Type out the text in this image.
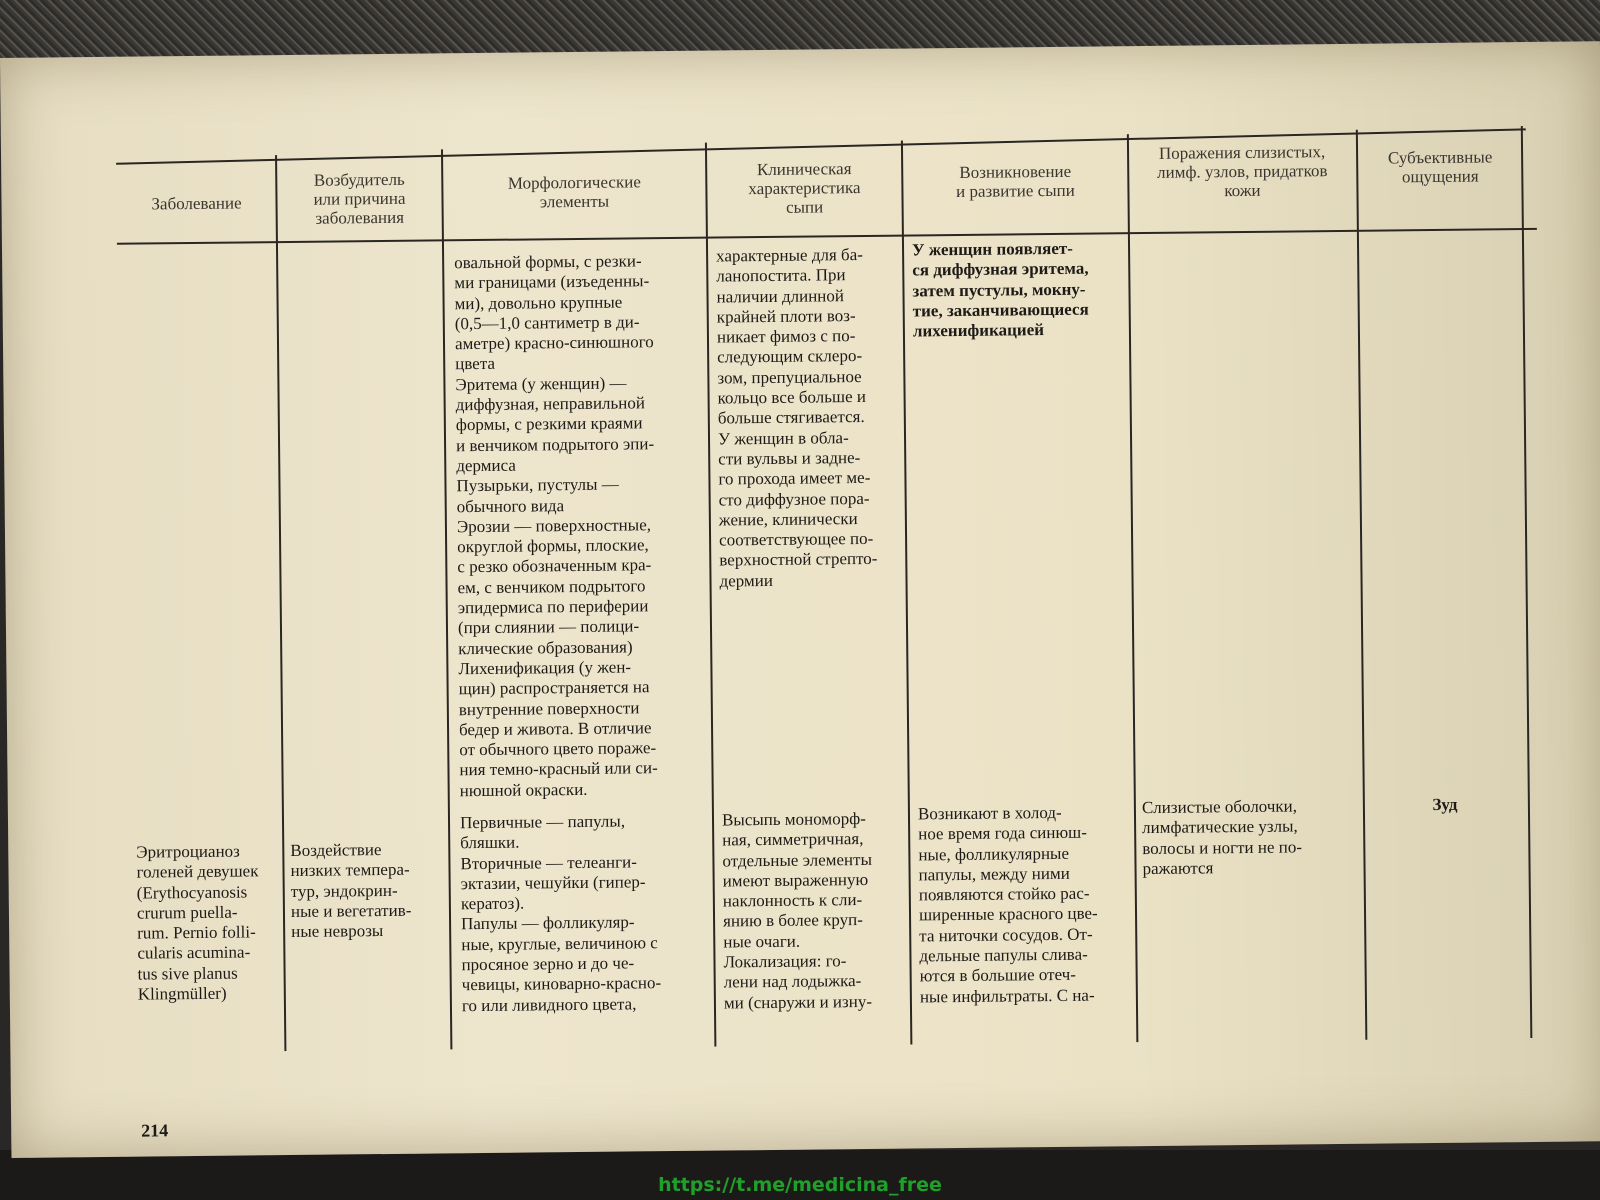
Заболевание
Возбудитель
или причина
заболевания
Морфологические
элементы
Клиническая
характеристика
сыпи
Возникновение
и развитие сыпи
Поражения слизистых,
лимф. узлов, придатков
кожи
Субъективные
ощущения

овальной формы, с резки-
ми границами (изъеденны-
ми), довольно крупные
(0,5—1,0 сантиметр в ди-
аметре) красно-синюшного
цвета
Эритема (у женщин) —
диффузная, неправильной
формы, с резкими краями
и венчиком подрытого эпи-
дермиса
Пузырьки, пустулы —
обычного вида
Эрозии — поверхностные,
округлой формы, плоские,
с резко обозначенным кра-
ем, с венчиком подрытого
эпидермиса по периферии
(при слиянии — полици-
клические образования)
Лихенификация (у жен-
щин) распространяется на
внутренние поверхности
бедер и живота. В отличие
от обычного цвето пораже-
ния темно-красный или си-
нюшной окраски.

характерные для ба-
ланопостита. При
наличии длинной
крайней плоти воз-
никает фимоз с по-
следующим склеро-
зом, препуциальное
кольцо все больше и
больше стягивается.
У женщин в обла-
сти вульвы и задне-
го прохода имеет ме-
сто диффузное пора-
жение, клинически
соответствующее по-
верхностной стрепто-
дермии

У женщин появляет-
ся диффузная эритема,
затем пустулы, мокну-
тие, заканчивающиеся
лихенификацией

Эритроцианоз
голеней девушек
(Erythocyanosis
crurum puella-
rum. Pernio folli-
cularis acumina-
tus sive planus
Klingmüller)

Воздействие
низких темпера-
тур, эндокрин-
ные и вегетатив-
ные неврозы

Первичные — папулы,
бляшки.
Вторичные — телеанги-
эктазии, чешуйки (гипер-
кератоз).
Папулы — фолликуляр-
ные, круглые, величиною с
просяное зерно и до че-
чевицы, киноварно-красно-
го или ливидного цвета,

Высыпь мономорф-
ная, симметричная,
отдельные элементы
имеют выраженную
наклонность к сли-
янию в более круп-
ные очаги.
Локализация: го-
лени над лодыжка-
ми (снаружи и изну-

Возникают в холод-
ное время года синюш-
ные, фолликулярные
папулы, между ними
появляются стойко рас-
ширенные красного цве-
та ниточки сосудов. От-
дельные папулы слива-
ются в большие отеч-
ные инфильтраты. С на-

Слизистые оболочки,
лимфатические узлы,
волосы и ногти не по-
ражаются

Зуд

214
https://t.me/medicina_free
